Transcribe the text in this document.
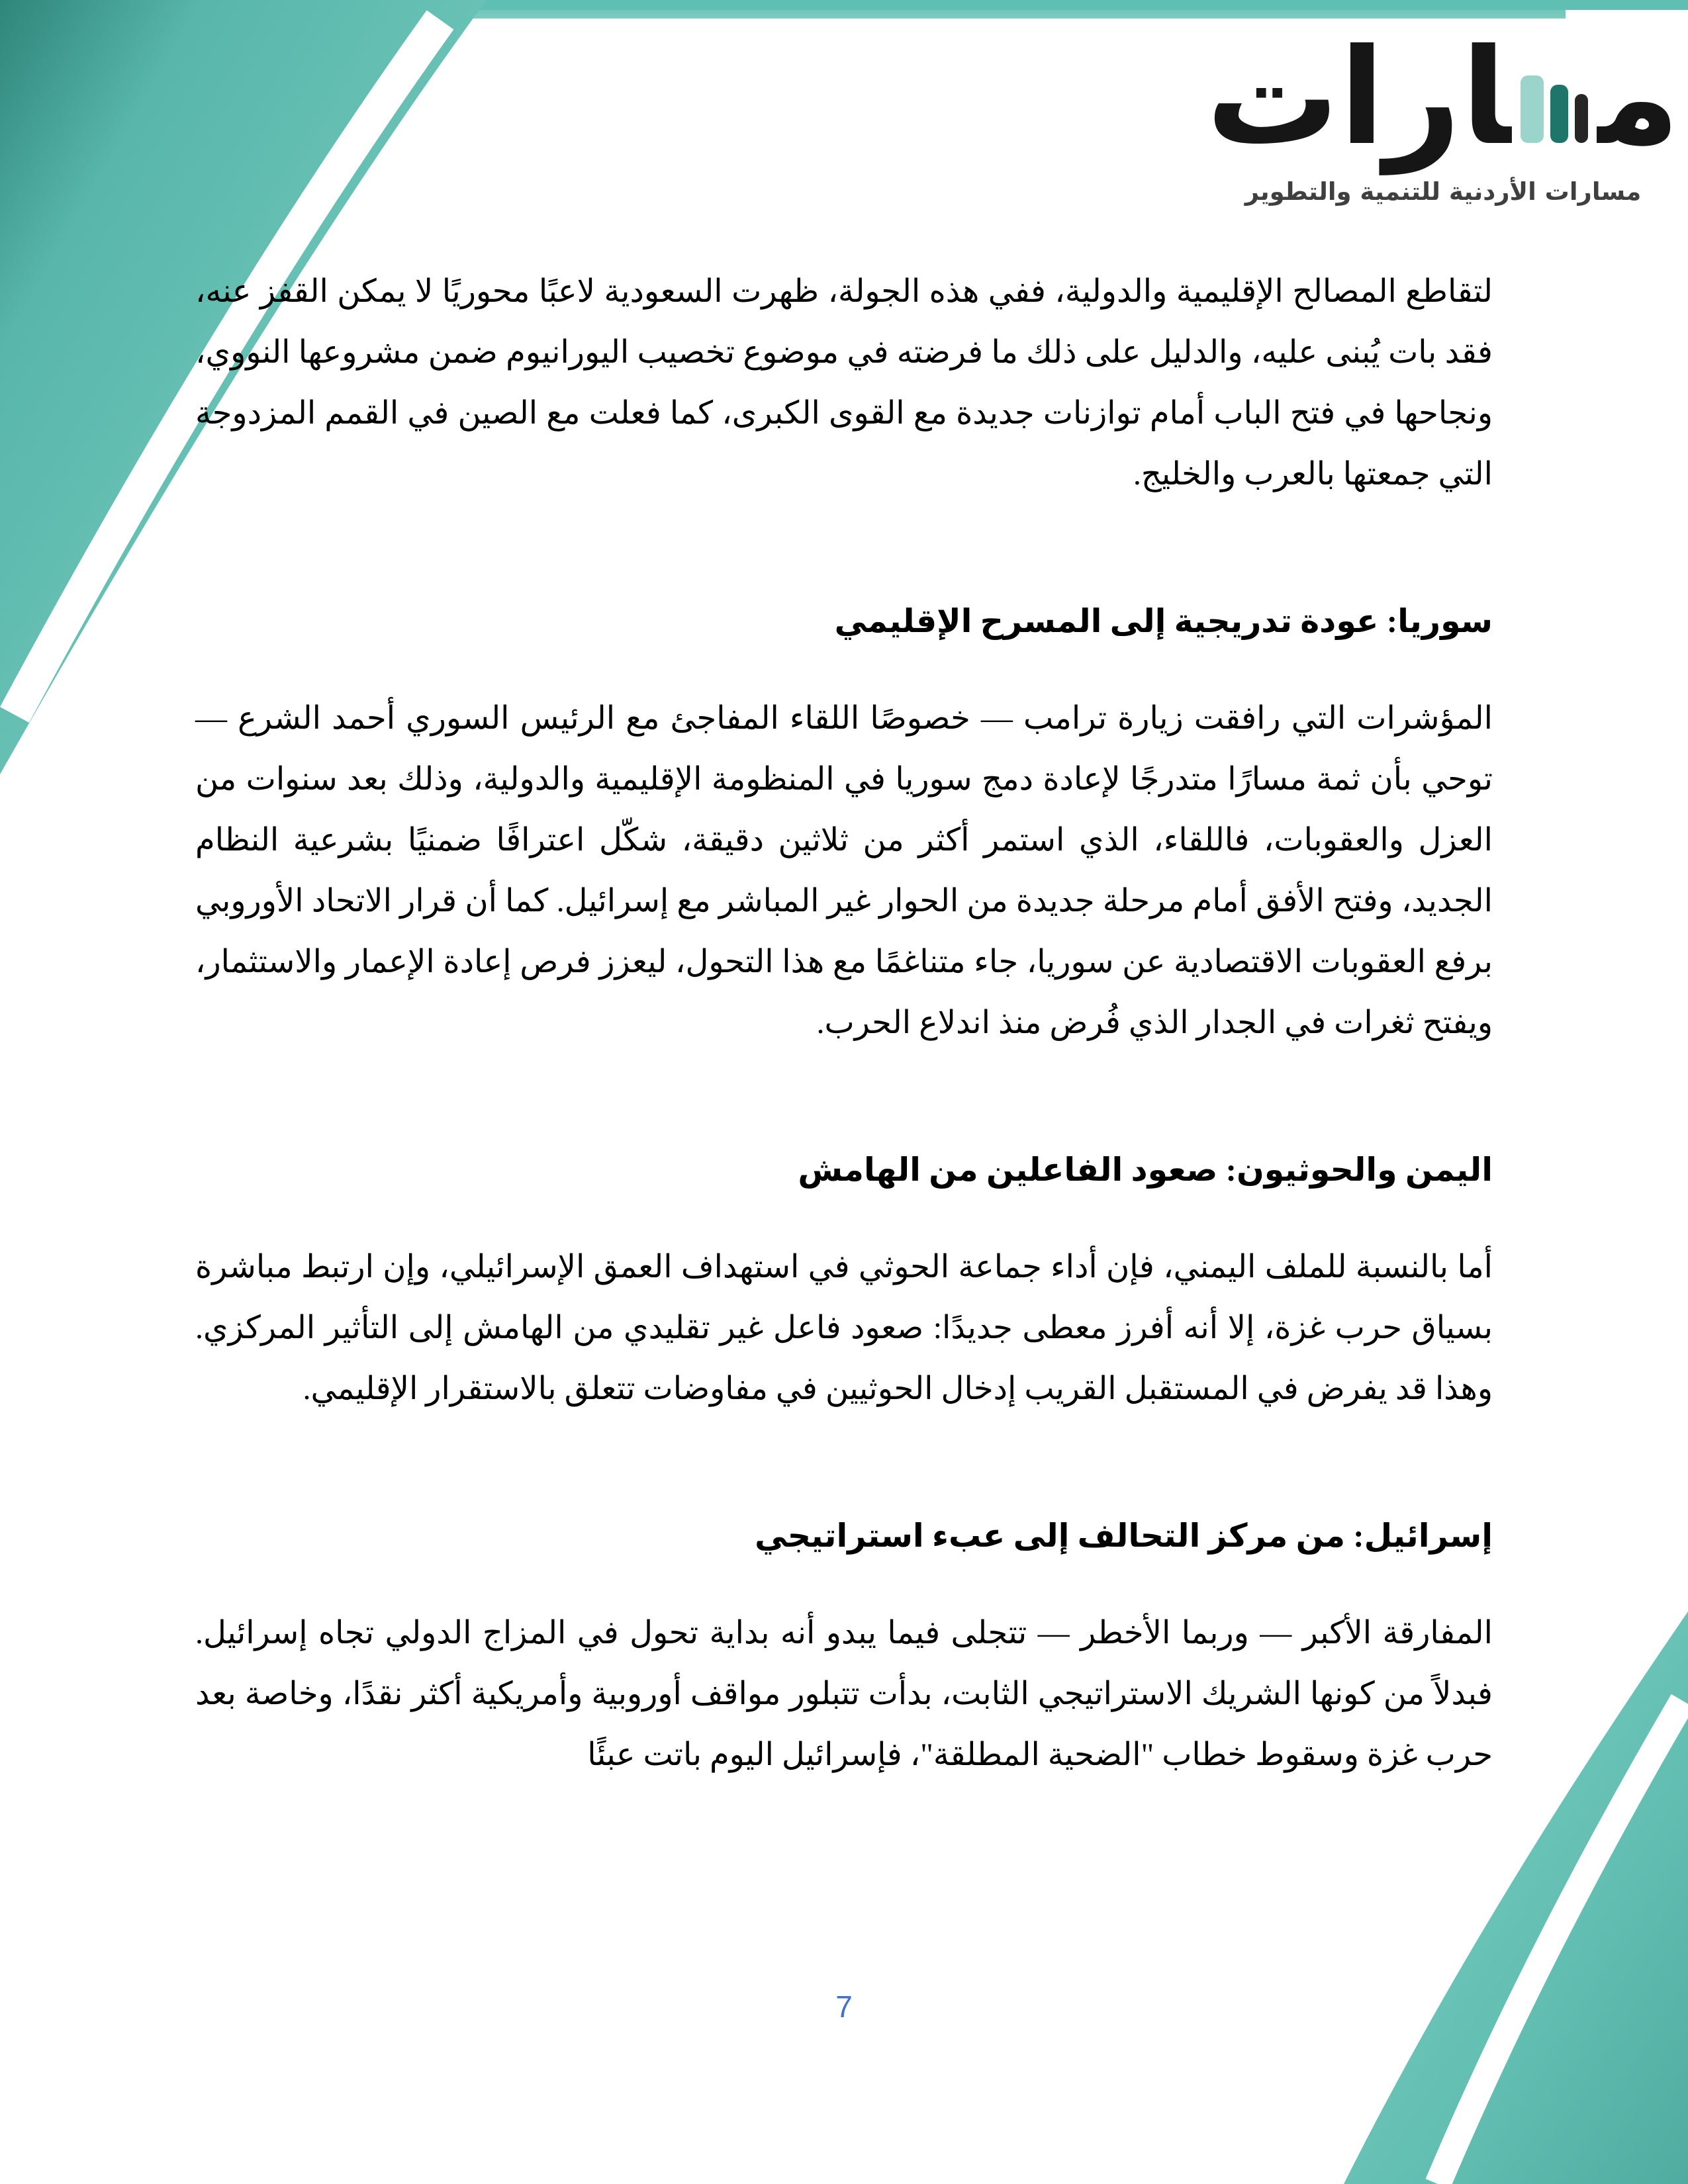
م‍
‍ارات
مسارات الأردنية للتنمية والتطوير

لتقاطع المصالح الإقليمية والدولية، ففي هذه الجولة، ظهرت السعودية لاعبًا محوريًا لا يمكن القفز عنه، فقد بات يُبنى عليه، والدليل على ذلك ما فرضته في موضوع تخصيب اليورانيوم ضمن مشروعها النووي، ونجاحها في فتح الباب أمام توازنات جديدة مع القوى الكبرى، كما فعلت مع الصين في القمم المزدوجة التي جمعتها بالعرب والخليج.

سوريا: عودة تدريجية إلى المسرح الإقليمي

المؤشرات التي رافقت زيارة ترامب — خصوصًا اللقاء المفاجئ مع الرئيس السوري أحمد الشرع — توحي بأن ثمة مسارًا متدرجًا لإعادة دمج سوريا في المنظومة الإقليمية والدولية، وذلك بعد سنوات من العزل والعقوبات، فاللقاء، الذي استمر أكثر من ثلاثين دقيقة، شكّل اعترافًا ضمنيًا بشرعية النظام الجديد، وفتح الأفق أمام مرحلة جديدة من الحوار غير المباشر مع إسرائيل. كما أن قرار الاتحاد الأوروبي برفع العقوبات الاقتصادية عن سوريا، جاء متناغمًا مع هذا التحول، ليعزز فرص إعادة الإعمار والاستثمار، ويفتح ثغرات في الجدار الذي فُرض منذ اندلاع الحرب.

اليمن والحوثيون: صعود الفاعلين من الهامش

أما بالنسبة للملف اليمني، فإن أداء جماعة الحوثي في استهداف العمق الإسرائيلي، وإن ارتبط مباشرة بسياق حرب غزة، إلا أنه أفرز معطى جديدًا: صعود فاعل غير تقليدي من الهامش إلى التأثير المركزي. وهذا قد يفرض في المستقبل القريب إدخال الحوثيين في مفاوضات تتعلق بالاستقرار الإقليمي.

إسرائيل: من مركز التحالف إلى عبء استراتيجي

المفارقة الأكبر — وربما الأخطر — تتجلى فيما يبدو أنه بداية تحول في المزاج الدولي تجاه إسرائيل. فبدلاً من كونها الشريك الاستراتيجي الثابت، بدأت تتبلور مواقف أوروبية وأمريكية أكثر نقدًا، وخاصة بعد حرب غزة وسقوط خطاب "الضحية المطلقة"، فإسرائيل اليوم باتت عبئًا

7
